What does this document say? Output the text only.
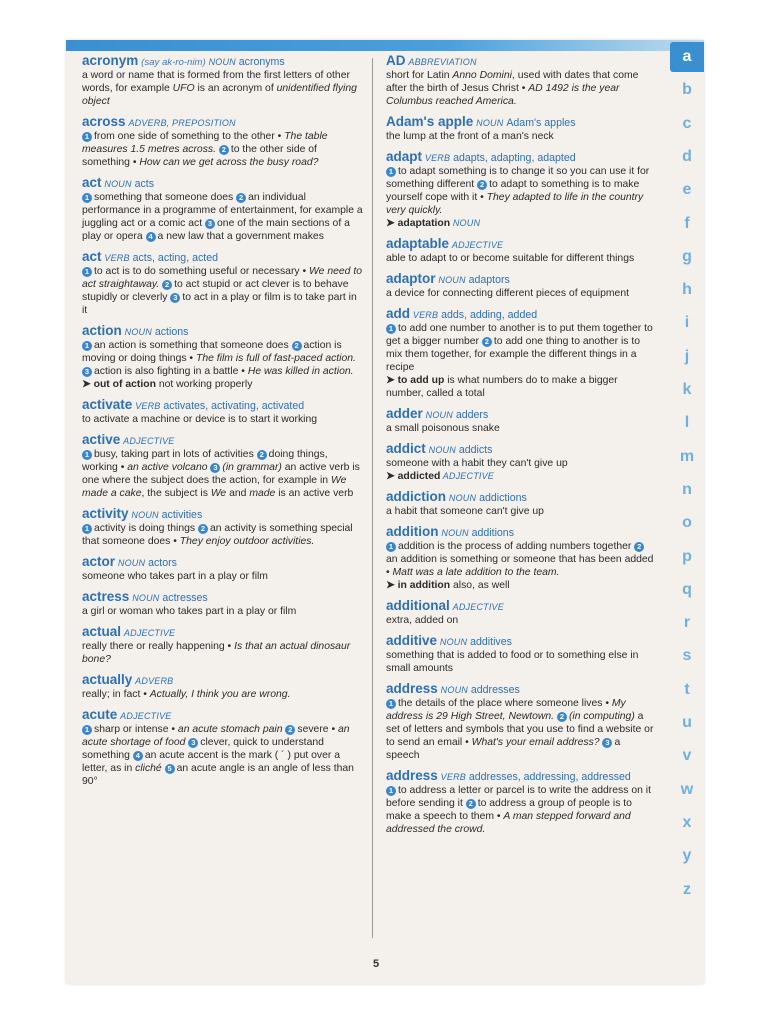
acronym (say ak-ro-nim) NOUN acronyms
a word or name that is formed from the first letters of other words, for example UFO is an acronym of unidentified flying object
across ADVERB, PREPOSITION
1 from one side of something to the other • The table measures 1.5 metres across. 2 to the other side of something • How can we get across the busy road?
act NOUN acts
1 something that someone does 2 an individual performance in a programme of entertainment, for example a juggling act or a comic act 3 one of the main sections of a play or opera 4 a new law that a government makes
act VERB acts, acting, acted
1 to act is to do something useful or necessary • We need to act straightaway. 2 to act stupid or act clever is to behave stupidly or cleverly 3 to act in a play or film is to take part in it
action NOUN actions
1 an action is something that someone does 2 action is moving or doing things • The film is full of fast-paced action. 3 action is also fighting in a battle • He was killed in action.
➤ out of action not working properly
activate VERB activates, activating, activated
to activate a machine or device is to start it working
active ADJECTIVE
1 busy, taking part in lots of activities 2 doing things, working • an active volcano 3 (in grammar) an active verb is one where the subject does the action, for example in We made a cake, the subject is We and made is an active verb
activity NOUN activities
1 activity is doing things 2 an activity is something special that someone does • They enjoy outdoor activities.
actor NOUN actors
someone who takes part in a play or film
actress NOUN actresses
a girl or woman who takes part in a play or film
actual ADJECTIVE
really there or really happening • Is that an actual dinosaur bone?
actually ADVERB
really; in fact • Actually, I think you are wrong.
acute ADJECTIVE
1 sharp or intense • an acute stomach pain 2 severe • an acute shortage of food 3 clever, quick to understand something 4 an acute accent is the mark ( ´ ) put over a letter, as in cliché 5 an acute angle is an angle of less than 90°
AD ABBREVIATION
short for Latin Anno Domini, used with dates that come after the birth of Jesus Christ • AD 1492 is the year Columbus reached America.
Adam's apple NOUN Adam's apples
the lump at the front of a man's neck
adapt VERB adapts, adapting, adapted
1 to adapt something is to change it so you can use it for something different 2 to adapt to something is to make yourself cope with it • They adapted to life in the country very quickly.
➤ adaptation NOUN
adaptable ADJECTIVE
able to adapt to or become suitable for different things
adaptor NOUN adaptors
a device for connecting different pieces of equipment
add VERB adds, adding, added
1 to add one number to another is to put them together to get a bigger number 2 to add one thing to another is to mix them together, for example the different things in a recipe
➤ to add up is what numbers do to make a bigger number, called a total
adder NOUN adders
a small poisonous snake
addict NOUN addicts
someone with a habit they can't give up
➤ addicted ADJECTIVE
addiction NOUN addictions
a habit that someone can't give up
addition NOUN additions
1 addition is the process of adding numbers together 2an addition is something or someone that has been added • Matt was a late addition to the team.
➤ in addition also, as well
additional ADJECTIVE
extra, added on
additive NOUN additives
something that is added to food or to something else in small amounts
address NOUN addresses
1 the details of the place where someone lives • My address is 29 High Street, Newtown. 2 (in computing) a set of letters and symbols that you use to find a website or to send an email • What's your email address? 3 a speech
address VERB addresses, addressing, addressed
1 to address a letter or parcel is to write the address on it before sending it 2 to address a group of people is to make a speech to them • A man stepped forward and addressed the crowd.
5
a
b
c
d
e
f
g
h
i
j
k
l
m
n
o
p
q
r
s
t
u
v
w
x
y
z
